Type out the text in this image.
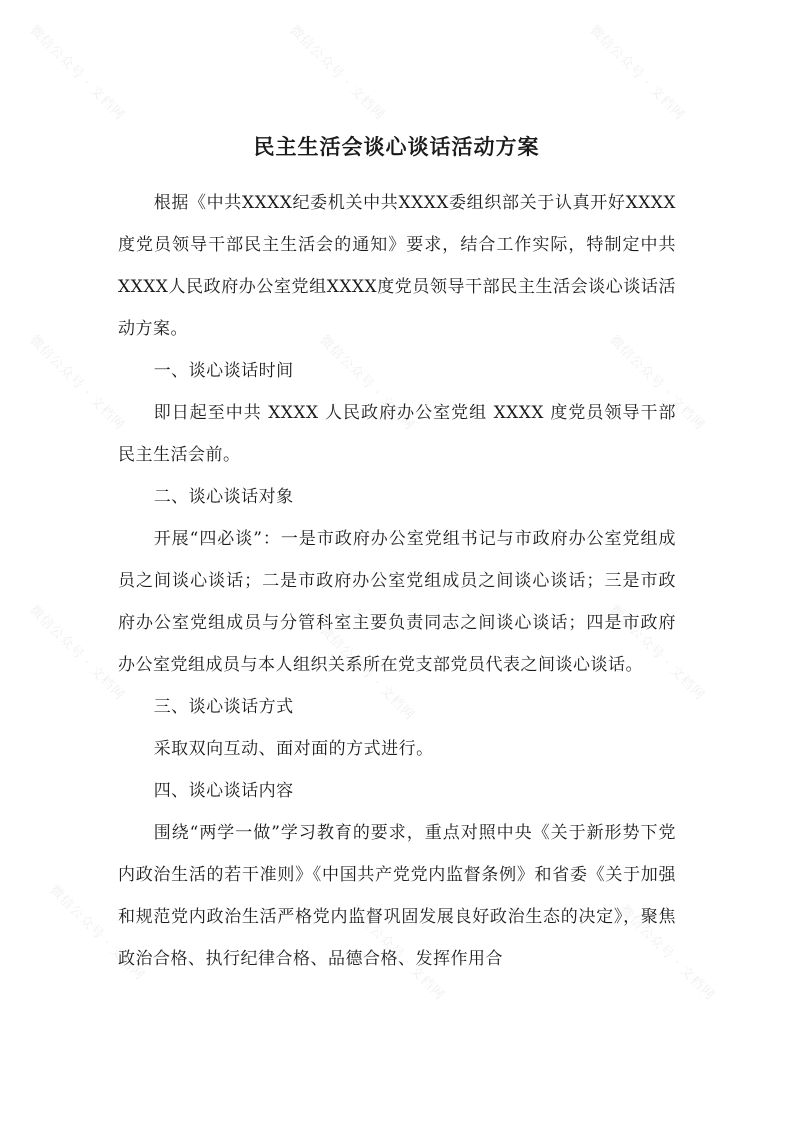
微信公众号 · 文档网	微信公众号 · 文档网	微信公众号 · 文档网
微信公众号 · 文档网	微信公众号 · 文档网	微信公众号 · 文档网
微信公众号 · 文档网	微信公众号 · 文档网	微信公众号 · 文档网
微信公众号 · 文档网	微信公众号 · 文档网	微信公众号 · 文档网
民主生活会谈心谈话活动方案

根据《中共XXXX纪委机关中共XXXX委组织部关于认真开好XXXX度党员领导干部民主生活会的通知》要求，结合工作实际，特制定中共XXXX人民政府办公室党组XXXX度党员领导干部民主生活会谈心谈话活动方案。

一、谈心谈话时间

即日起至中共 XXXX 人民政府办公室党组 XXXX 度党员领导干部民主生活会前。

二、谈心谈话对象

开展“四必谈”：一是市政府办公室党组书记与市政府办公室党组成员之间谈心谈话；二是市政府办公室党组成员之间谈心谈话；三是市政府办公室党组成员与分管科室主要负责同志之间谈心谈话；四是市政府办公室党组成员与本人组织关系所在党支部党员代表之间谈心谈话。

三、谈心谈话方式

采取双向互动、面对面的方式进行。

四、谈心谈话内容

围绕“两学一做”学习教育的要求，重点对照中央《关于新形势下党内政治生活的若干准则》《中国共产党党内监督条例》和省委《关于加强和规范党内政治生活严格党内监督巩固发展良好政治生态的决定》，聚焦政治合格、执行纪律合格、品德合格、发挥作用合
